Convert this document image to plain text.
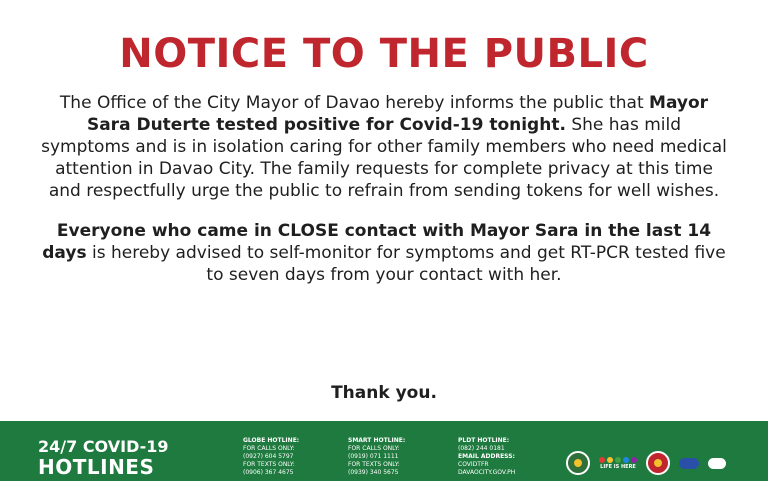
NOTICE TO THE PUBLIC

The Office of the City Mayor of Davao hereby informs the public that Mayor Sara Duterte tested positive for Covid-19 tonight. She has mild symptoms and is in isolation caring for other family members who need medical attention in Davao City. The family requests for complete privacy at this time and respectfully urge the public to refrain from sending tokens for well wishes.

Everyone who came in CLOSE contact with Mayor Sara in the last 14 days is hereby advised to self-monitor for symptoms and get RT-PCR tested five to seven days from your contact with her.

Thank you.
24/7 COVID-19
HOTLINES
GLOBE HOTLINE:
FOR CALLS ONLY:
(0927) 604 5797
FOR TEXTS ONLY:
(0906) 367 4675
SMART HOTLINE:
FOR CALLS ONLY:
(0919) 071 1111
FOR TEXTS ONLY:
(0939) 340 5675
PLDT HOTLINE:
(082) 244 0181
EMAIL ADDRESS:
COVIDTFR
DAVAOCITY.GOV.PH
LIFE IS HERE
